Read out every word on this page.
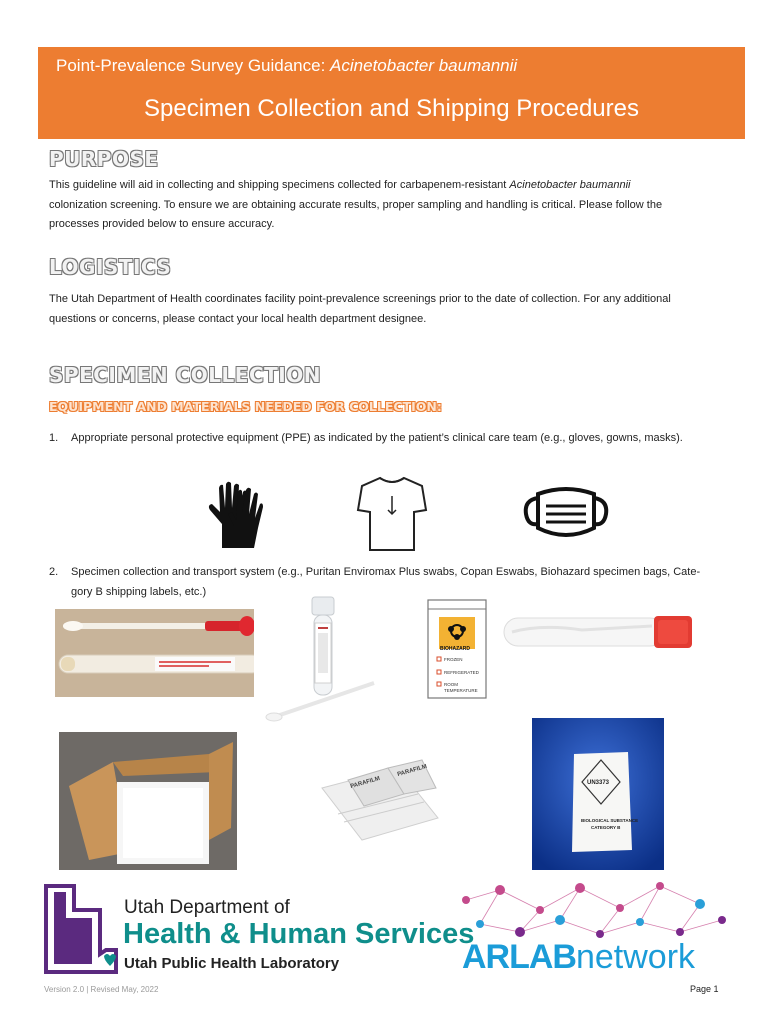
Point-Prevalence Survey Guidance: Acinetobacter baumannii
Specimen Collection and Shipping Procedures
PURPOSE
This guideline will aid in collecting and shipping specimens collected for carbapenem-resistant Acinetobacter baumannii
colonization screening. To ensure we are obtaining accurate results, proper sampling and handling is critical. Please follow the
processes provided below to ensure accuracy.
LOGISTICS
The Utah Department of Health coordinates facility point-prevalence screenings prior to the date of collection. For any additional
questions or concerns, please contact your local health department designee.
SPECIMEN COLLECTION
EQUIPMENT AND MATERIALS NEEDED FOR COLLECTION:
1. Appropriate personal protective equipment (PPE) as indicated by the patient’s clinical care team (e.g., gloves, gowns, masks).
2. Specimen collection and transport system (e.g., Puritan Enviromax Plus swabs, Copan Eswabs, Biohazard specimen bags, Cate-
gory B shipping labels, etc.)
BIOHAZARD
FROZEN
REFRIGERATED
ROOM TEMPERATURE
PARAFILM
PARAFILM
UN3373
BIOLOGICAL SUBSTANCE
CATEGORY B
Utah Department of
Health & Human Services
Utah Public Health Laboratory	ARLABnetwork
Version 2.0 | Revised May, 2022	Page 1
